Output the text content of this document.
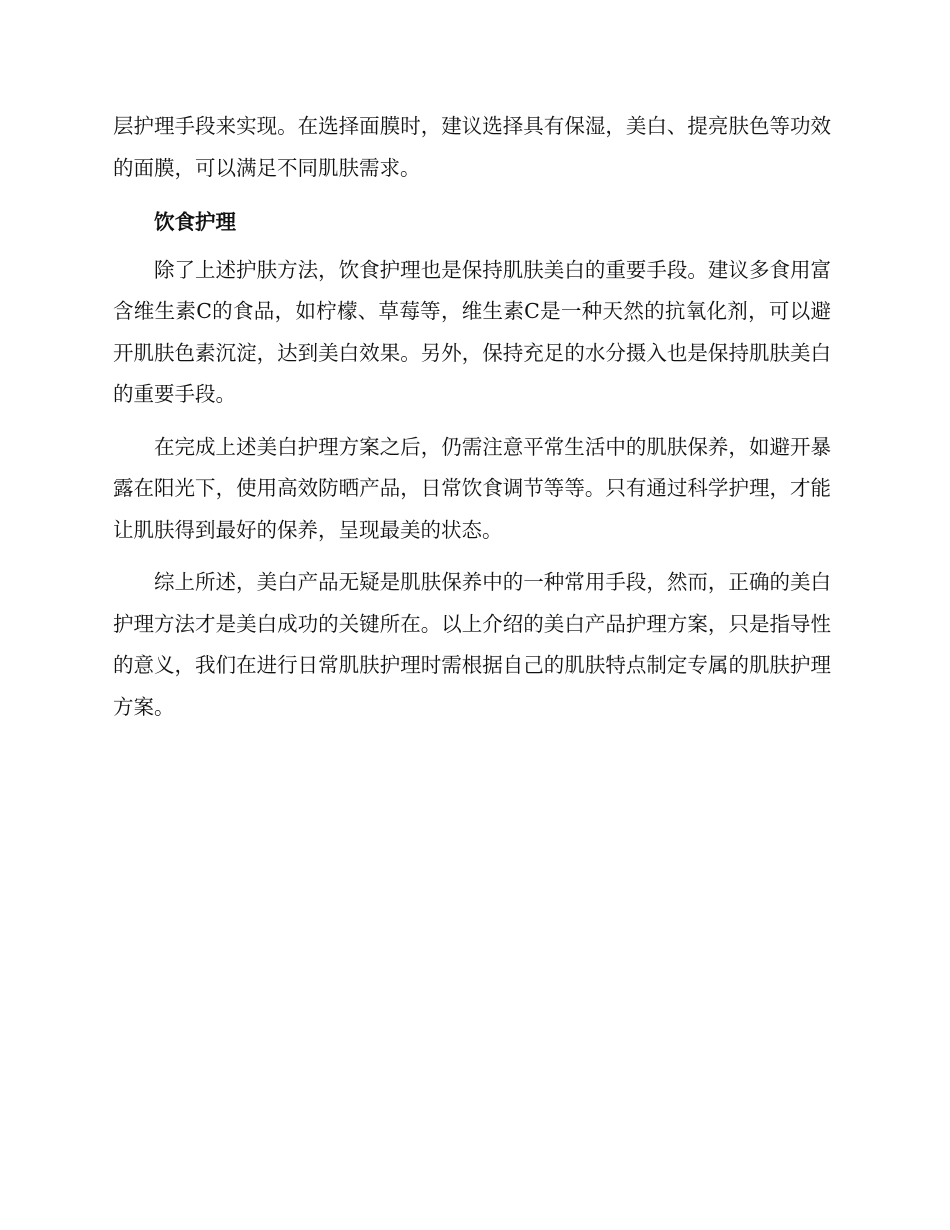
层护理手段来实现。在选择面膜时，建议选择具有保湿，美白、提亮肤色等功效的面膜，可以满足不同肌肤需求。

饮食护理

除了上述护肤方法，饮食护理也是保持肌肤美白的重要手段。建议多食用富含维生素C的食品，如柠檬、草莓等，维生素C是一种天然的抗氧化剂，可以避开肌肤色素沉淀，达到美白效果。另外，保持充足的水分摄入也是保持肌肤美白的重要手段。

在完成上述美白护理方案之后，仍需注意平常生活中的肌肤保养，如避开暴露在阳光下，使用高效防晒产品，日常饮食调节等等。只有通过科学护理，才能让肌肤得到最好的保养，呈现最美的状态。

综上所述，美白产品无疑是肌肤保养中的一种常用手段，然而，正确的美白护理方法才是美白成功的关键所在。以上介绍的美白产品护理方案，只是指导性的意义，我们在进行日常肌肤护理时需根据自己的肌肤特点制定专属的肌肤护理方案。
